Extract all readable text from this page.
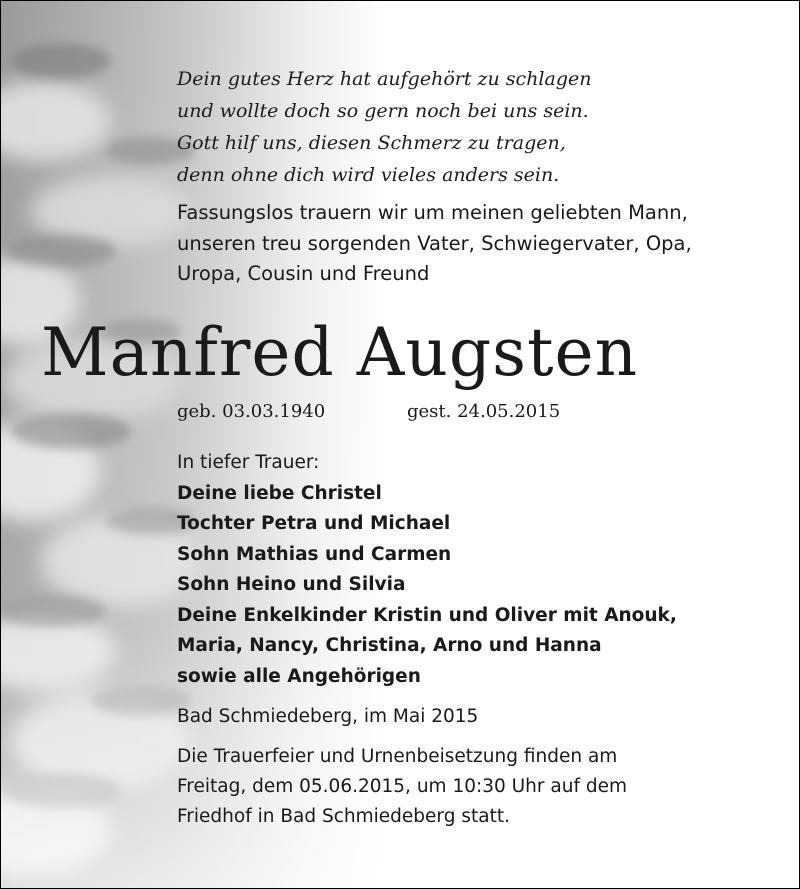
Dein gutes Herz hat aufgehört zu schlagen
und wollte doch so gern noch bei uns sein.
Gott hilf uns, diesen Schmerz zu tragen,
denn ohne dich wird vieles anders sein.
Fassungslos trauern wir um meinen geliebten Mann,
unseren treu sorgenden Vater, Schwiegervater, Opa,
Uropa, Cousin und Freund
Manfred Augsten
geb. 03.03.1940	gest. 24.05.2015
In tiefer Trauer:
Deine liebe Christel
Tochter Petra und Michael
Sohn Mathias und Carmen
Sohn Heino und Silvia
Deine Enkelkinder Kristin und Oliver mit Anouk,
Maria, Nancy, Christina, Arno und Hanna
sowie alle Angehörigen
Bad Schmiedeberg, im Mai 2015
Die Trauerfeier und Urnenbeisetzung finden am
Freitag, dem 05.06.2015, um 10:30 Uhr auf dem
Friedhof in Bad Schmiedeberg statt.
